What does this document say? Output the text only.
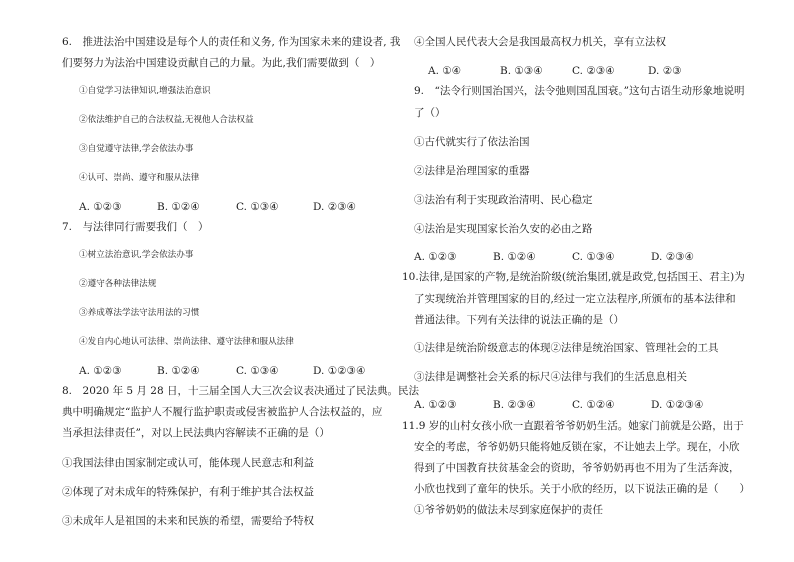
6.　推进法治中国建设是每个人的责任和义务, 作为国家未来的建设者, 我
们要努力为法治中国建设贡献自己的力量。为此,我们需要做到（　）
①自觉学习法律知识,增强法治意识
②依法维护自己的合法权益,无视他人合法权益
③自觉遵守法律,学会依法办事
④认可、崇尚、遵守和服从法律
A. ①②③	B. ①②④	C. ①③④	D. ②③④
7.　与法律同行需要我们（　）
①树立法治意识,学会依法办事
②遵守各种法律法规
③养成尊法学法守法用法的习惯
④发自内心地认可法律、崇尚法律、遵守法律和服从法律
A. ①②③	B. ①②④	C. ①③④	D. ①②③④
8.　2020 年 5 月 28 日，十三届全国人大三次会议表决通过了民法典。民法
典中明确规定“监护人不履行监护职责或侵害被监护人合法权益的，应
当承担法律责任”，对以上民法典内容解读不正确的是（）
①我国法律由国家制定或认可，能体现人民意志和利益
②体现了对未成年的特殊保护，有利于维护其合法权益
③未成年人是祖国的未来和民族的希望，需要给予特权
④全国人民代表大会是我国最高权力机关，享有立法权
A. ①④	B. ①③④	C. ②③④	D. ②③
9.　“法令行则国治国兴，法令弛则国乱国衰。”这句古语生动形象地说明
了（）
①古代就实行了依法治国
②法律是治理国家的重器
③法治有利于实现政治清明、民心稳定
④法治是实现国家长治久安的必由之路
A. ①②③	B. ①②④	C. ①③④	D. ②③④
10.法律,是国家的产物,是统治阶级(统治集团,就是政党,包括国王、君主)为
了实现统治并管理国家的目的,经过一定立法程序,所颁布的基本法律和
普通法律。下列有关法律的说法正确的是（）
①法律是统治阶级意志的体现②法律是统治国家、管理社会的工具
③法律是调整社会关系的标尺④法律与我们的生活息息相关
A. ①②③	B. ②③④	C. ①②④	D. ①②③④
11.9 岁的山村女孩小欣一直跟着爷爷奶奶生活。她家门前就是公路，出于
安全的考虑，爷爷奶奶只能将她反锁在家，不让她去上学。现在，小欣
得到了中国教育扶贫基金会的资助，爷爷奶奶再也不用为了生活奔波，
小欣也找到了童年的快乐。关于小欣的经历，以下说法正确的是（　　）
①爷爷奶奶的做法未尽到家庭保护的责任
